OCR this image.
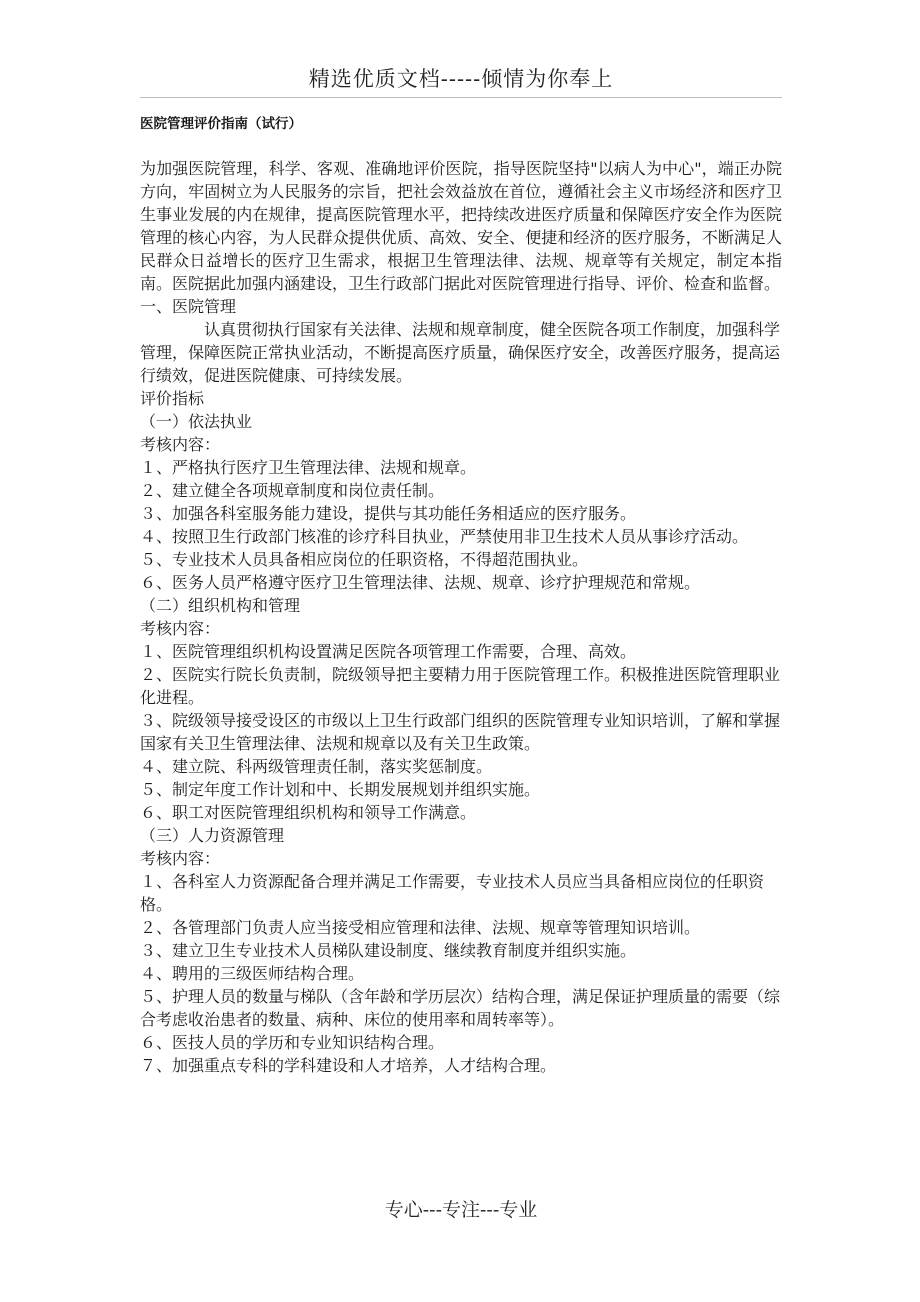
精选优质文档-----倾情为你奉上
医院管理评价指南（试行）

为加强医院管理，科学、客观、准确地评价医院，指导医院坚持"以病人为中心"，端正办院方向，牢固树立为人民服务的宗旨，把社会效益放在首位，遵循社会主义市场经济和医疗卫生事业发展的内在规律，提高医院管理水平，把持续改进医疗质量和保障医疗安全作为医院管理的核心内容，为人民群众提供优质、高效、安全、便捷和经济的医疗服务，不断满足人民群众日益增长的医疗卫生需求，根据卫生管理法律、法规、规章等有关规定，制定本指南。医院据此加强内涵建设，卫生行政部门据此对医院管理进行指导、评价、检查和监督。

一、医院管理

认真贯彻执行国家有关法律、法规和规章制度，健全医院各项工作制度，加强科学管理，保障医院正常执业活动，不断提高医疗质量，确保医疗安全，改善医疗服务，提高运行绩效，促进医院健康、可持续发展。

评价指标

（一）依法执业

考核内容：

１、严格执行医疗卫生管理法律、法规和规章。

２、建立健全各项规章制度和岗位责任制。

３、加强各科室服务能力建设，提供与其功能任务相适应的医疗服务。

４、按照卫生行政部门核准的诊疗科目执业，严禁使用非卫生技术人员从事诊疗活动。

５、专业技术人员具备相应岗位的任职资格，不得超范围执业。

６、医务人员严格遵守医疗卫生管理法律、法规、规章、诊疗护理规范和常规。

（二）组织机构和管理

考核内容：

１、医院管理组织机构设置满足医院各项管理工作需要，合理、高效。

２、医院实行院长负责制，院级领导把主要精力用于医院管理工作。积极推进医院管理职业化进程。

３、院级领导接受设区的市级以上卫生行政部门组织的医院管理专业知识培训，了解和掌握国家有关卫生管理法律、法规和规章以及有关卫生政策。

４、建立院、科两级管理责任制，落实奖惩制度。

５、制定年度工作计划和中、长期发展规划并组织实施。

６、职工对医院管理组织机构和领导工作满意。

（三）人力资源管理

考核内容：

１、各科室人力资源配备合理并满足工作需要，专业技术人员应当具备相应岗位的任职资格。

２、各管理部门负责人应当接受相应管理和法律、法规、规章等管理知识培训。

３、建立卫生专业技术人员梯队建设制度、继续教育制度并组织实施。

４、聘用的三级医师结构合理。

５、护理人员的数量与梯队（含年龄和学历层次）结构合理，满足保证护理质量的需要（综合考虑收治患者的数量、病种、床位的使用率和周转率等）。

６、医技人员的学历和专业知识结构合理。

７、加强重点专科的学科建设和人才培养，人才结构合理。

专心---专注---专业
